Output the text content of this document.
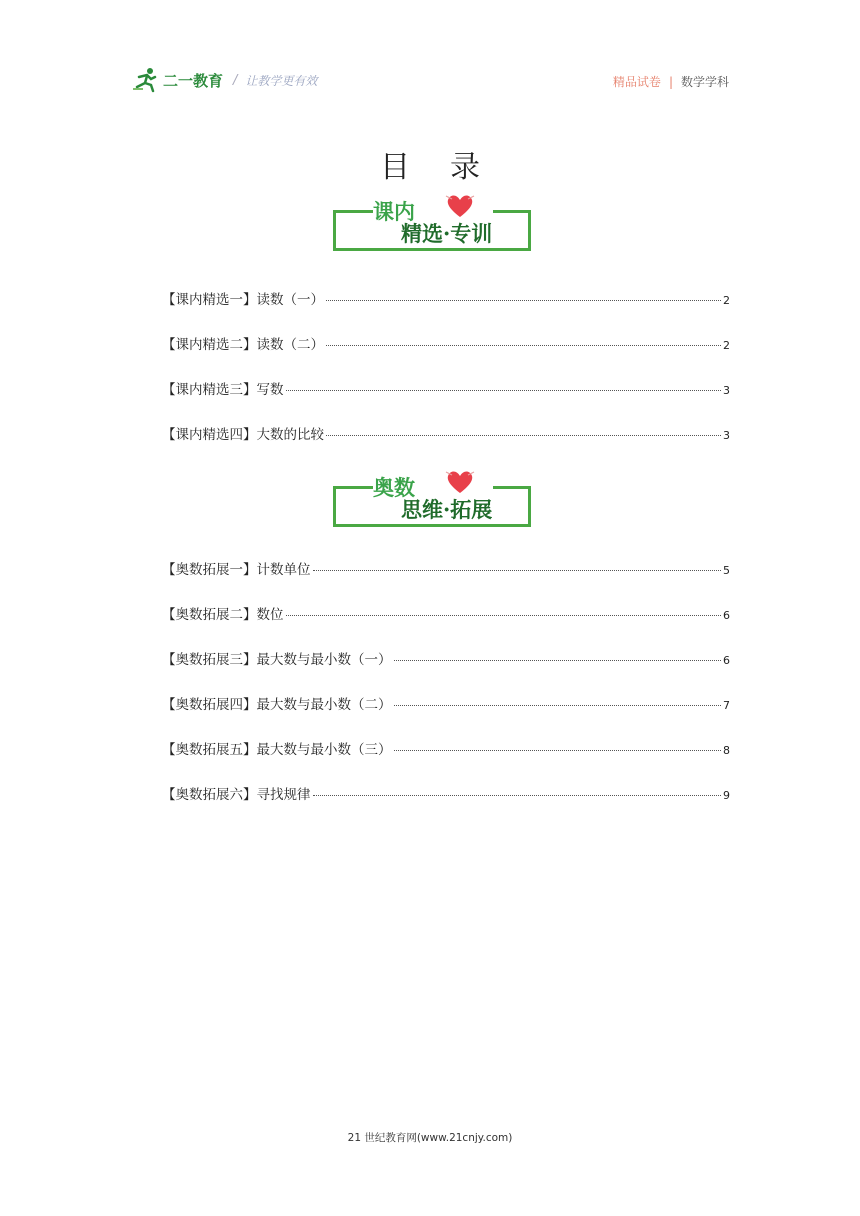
二一教育 / 让教学更有效	精品试卷 | 数学学科
目 录
课内
精选·专训
【课内精选一】读数（一）	2
【课内精选二】读数（二）	2
【课内精选三】写数	3
【课内精选四】大数的比较	3
奥数
思维·拓展
【奥数拓展一】计数单位	5
【奥数拓展二】数位	6
【奥数拓展三】最大数与最小数（一）	6
【奥数拓展四】最大数与最小数（二）	7
【奥数拓展五】最大数与最小数（三）	8
【奥数拓展六】寻找规律	9
21 世纪教育网(www.21cnjy.com)
